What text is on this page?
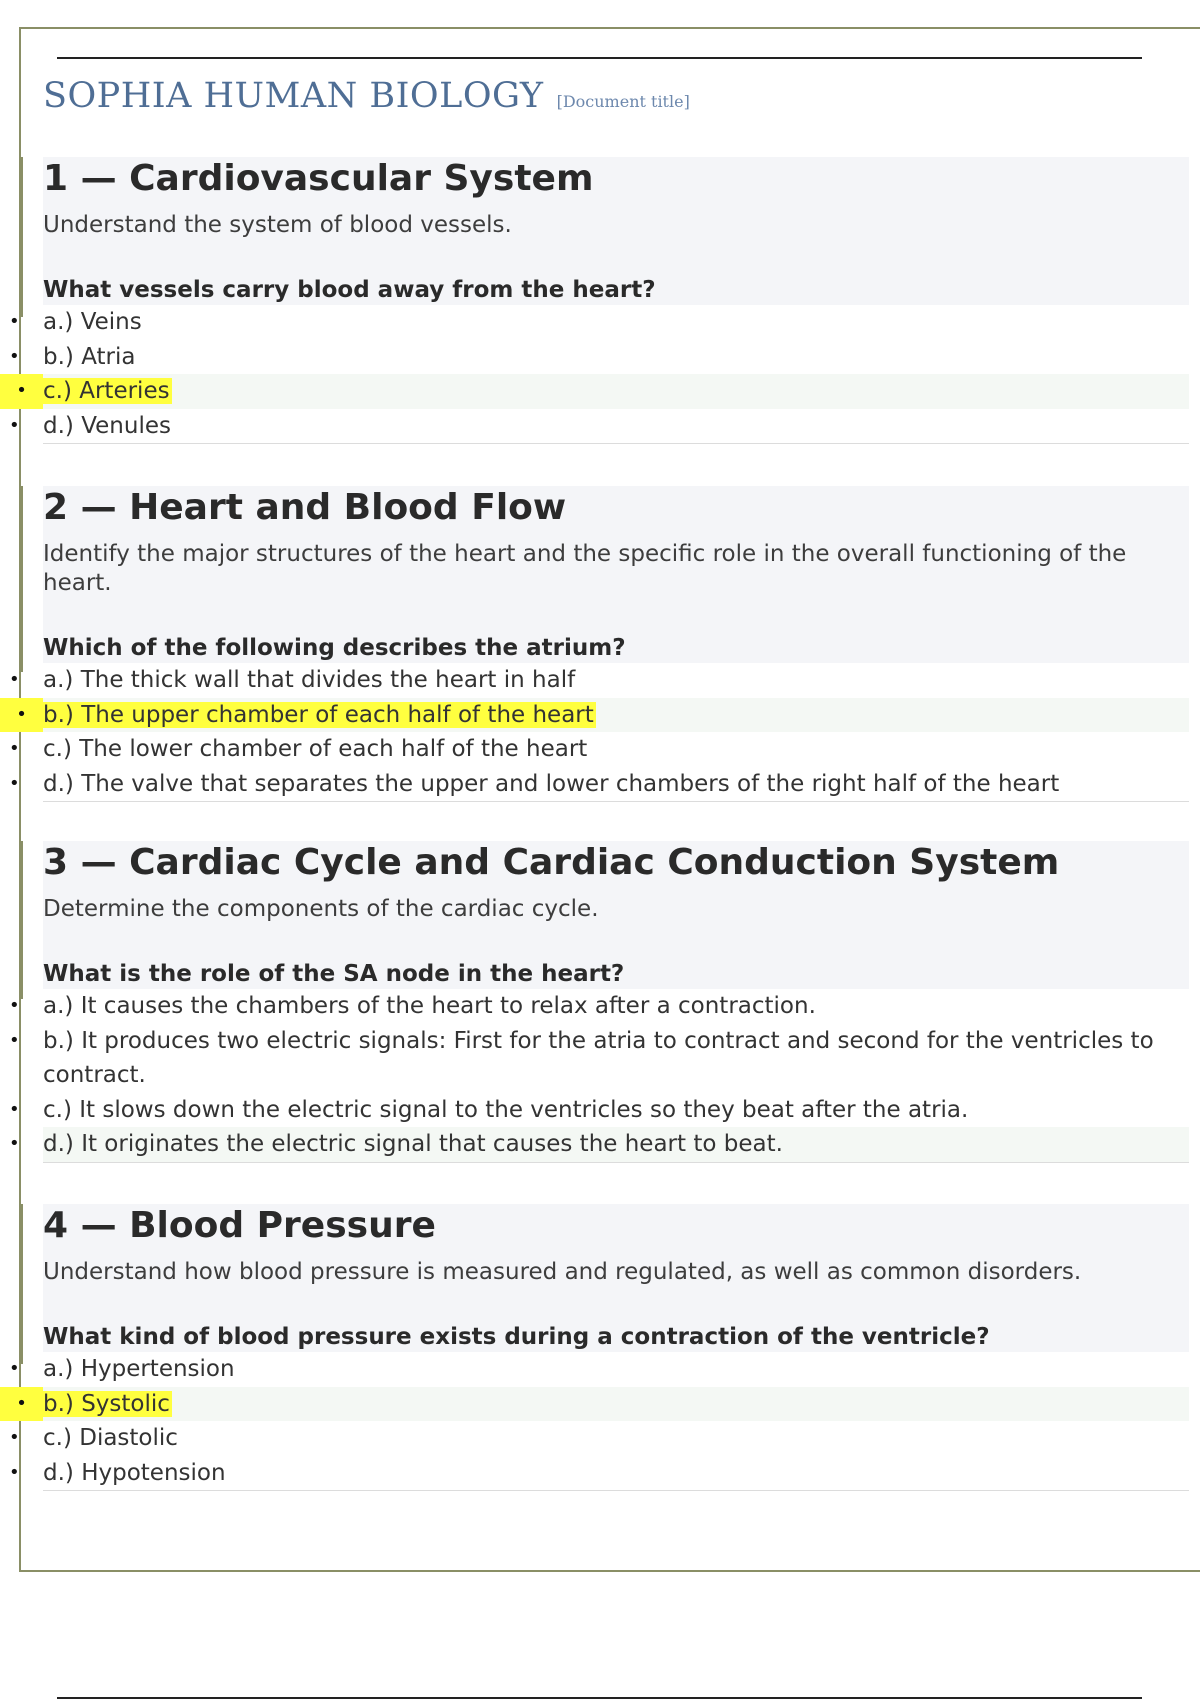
SOPHIA HUMAN BIOLOGY [Document title]
1 — Cardiovascular System
Understand the system of blood vessels.
What vessels carry blood away from the heart?
• a.) Veins
• b.) Atria
• c.) Arteries
• d.) Venules
2 — Heart and Blood Flow
Identify the major structures of the heart and the specific role in the overall functioning of the heart.
Which of the following describes the atrium?
• a.) The thick wall that divides the heart in half
• b.) The upper chamber of each half of the heart
• c.) The lower chamber of each half of the heart
• d.) The valve that separates the upper and lower chambers of the right half of the heart
3 — Cardiac Cycle and Cardiac Conduction System
Determine the components of the cardiac cycle.
What is the role of the SA node in the heart?
• a.) It causes the chambers of the heart to relax after a contraction.
• b.) It produces two electric signals: First for the atria to contract and second for the ventricles to contract.
• c.) It slows down the electric signal to the ventricles so they beat after the atria.
• d.) It originates the electric signal that causes the heart to beat.
4 — Blood Pressure
Understand how blood pressure is measured and regulated, as well as common disorders.
What kind of blood pressure exists during a contraction of the ventricle?
• a.) Hypertension
• b.) Systolic
• c.) Diastolic
• d.) Hypotension
